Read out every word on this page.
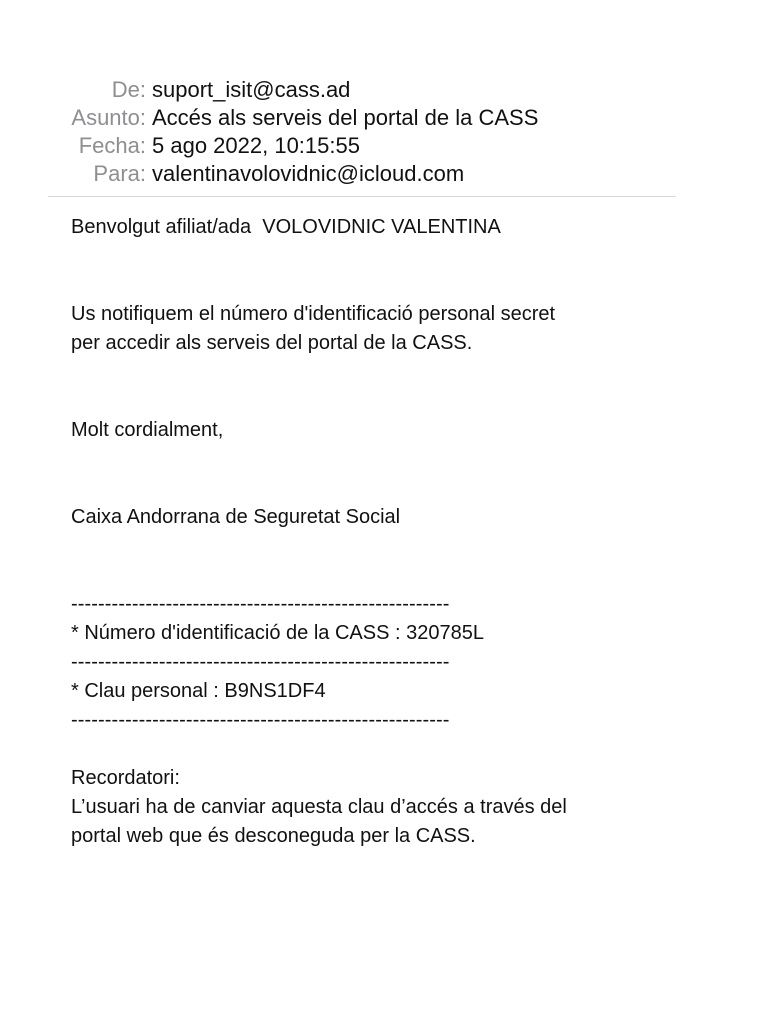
De: suport_isit@cass.ad
Asunto: Accés als serveis del portal de la CASS
Fecha: 5 ago 2022, 10:15:55
Para: valentinavolovidnic@icloud.com
Benvolgut afiliat/ada  VOLOVIDNIC VALENTINA
Us notifiquem el número d'identificació personal secret
per accedir als serveis del portal de la CASS.
Molt cordialment,
Caixa Andorrana de Seguretat Social
--------------------------------------------------------
* Número d'identificació de la CASS : 320785L
--------------------------------------------------------
* Clau personal : B9NS1DF4
--------------------------------------------------------
Recordatori:
L’usuari ha de canviar aquesta clau d’accés a través del
portal web que és desconeguda per la CASS.
